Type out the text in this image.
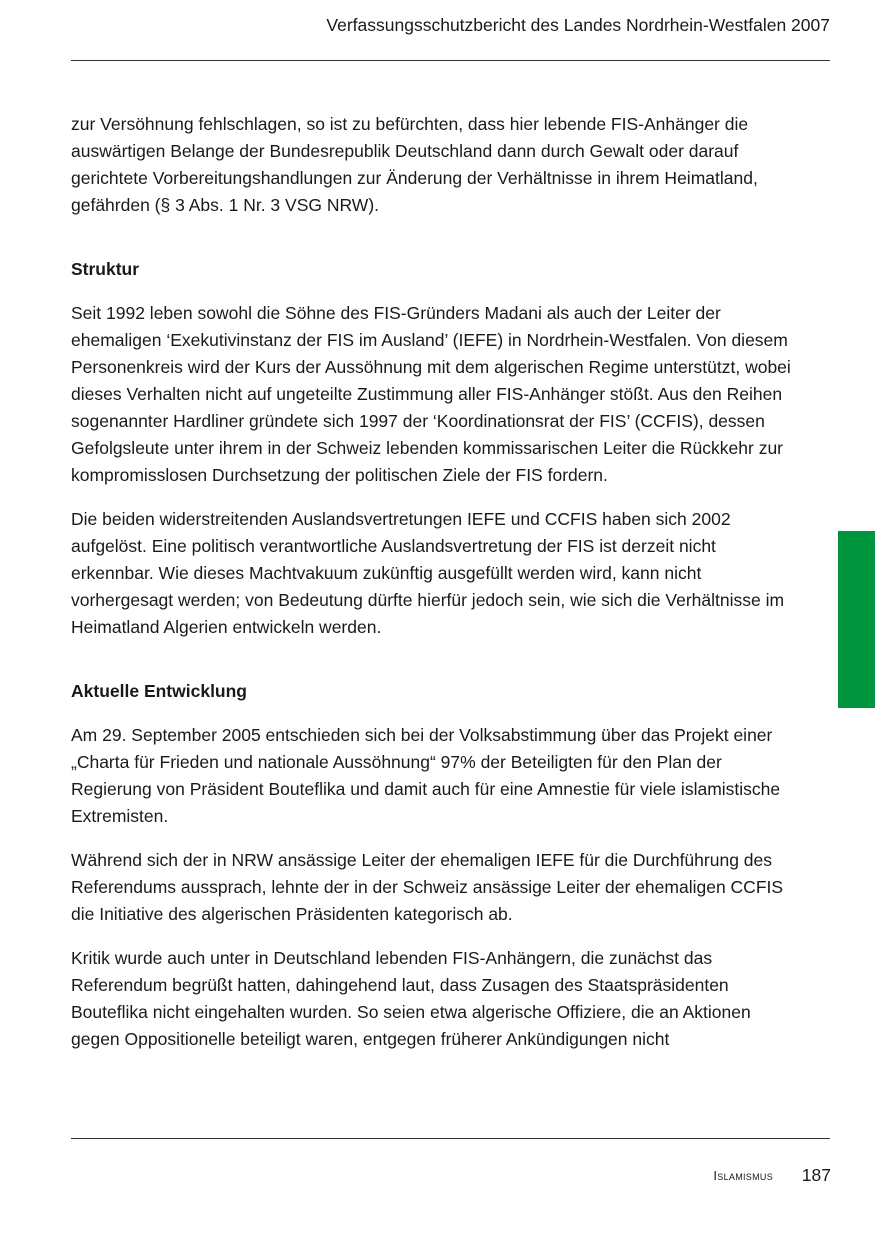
Verfassungsschutzbericht des Landes Nordrhein-Westfalen 2007

zur Versöhnung fehlschlagen, so ist zu befürchten, dass hier lebende FIS-Anhänger die auswärtigen Belange der Bundesrepublik Deutschland dann durch Gewalt oder darauf gerichtete Vorbereitungshandlungen zur Änderung der Verhältnisse in ihrem Heimatland, gefährden (§ 3 Abs. 1 Nr. 3 VSG NRW).

Struktur

Seit 1992 leben sowohl die Söhne des FIS-Gründers Madani als auch der Leiter der ehemaligen ‘Exekutivinstanz der FIS im Ausland’ (IEFE) in Nordrhein-Westfalen. Von diesem Personenkreis wird der Kurs der Aussöhnung mit dem algerischen Regime unterstützt, wobei dieses Verhalten nicht auf ungeteilte Zustimmung aller FIS-Anhänger stößt. Aus den Reihen sogenannter Hardliner gründete sich 1997 der ‘Koordinationsrat der FIS’ (CCFIS), dessen Gefolgsleute unter ihrem in der Schweiz lebenden kommissarischen Leiter die Rückkehr zur kompromisslosen Durchsetzung der politischen Ziele der FIS fordern.

Die beiden widerstreitenden Auslandsvertretungen IEFE und CCFIS haben sich 2002 aufgelöst. Eine politisch verantwortliche Auslandsvertretung der FIS ist derzeit nicht erkennbar. Wie dieses Machtvakuum zukünftig ausgefüllt werden wird, kann nicht vorhergesagt werden; von Bedeutung dürfte hierfür jedoch sein, wie sich die Verhältnisse im Heimatland Algerien entwickeln werden.

Aktuelle Entwicklung

Am 29. September 2005 entschieden sich bei der Volksabstimmung über das Projekt einer „Charta für Frieden und nationale Aussöhnung“ 97% der Beteiligten für den Plan der Regierung von Präsident Bouteflika und damit auch für eine Amnestie für viele islamistische Extremisten.

Während sich der in NRW ansässige Leiter der ehemaligen IEFE für die Durchführung des Referendums aussprach, lehnte der in der Schweiz ansässige Leiter der ehemaligen CCFIS die Initiative des algerischen Präsidenten kategorisch ab.

Kritik wurde auch unter in Deutschland lebenden FIS-Anhängern, die zunächst das Referendum begrüßt hatten, dahingehend laut, dass Zusagen des Staatspräsidenten Bouteflika nicht eingehalten wurden. So seien etwa algerische Offiziere, die an Aktionen gegen Oppositionelle beteiligt waren, entgegen früherer Ankündigungen nicht

Islamismus 187
